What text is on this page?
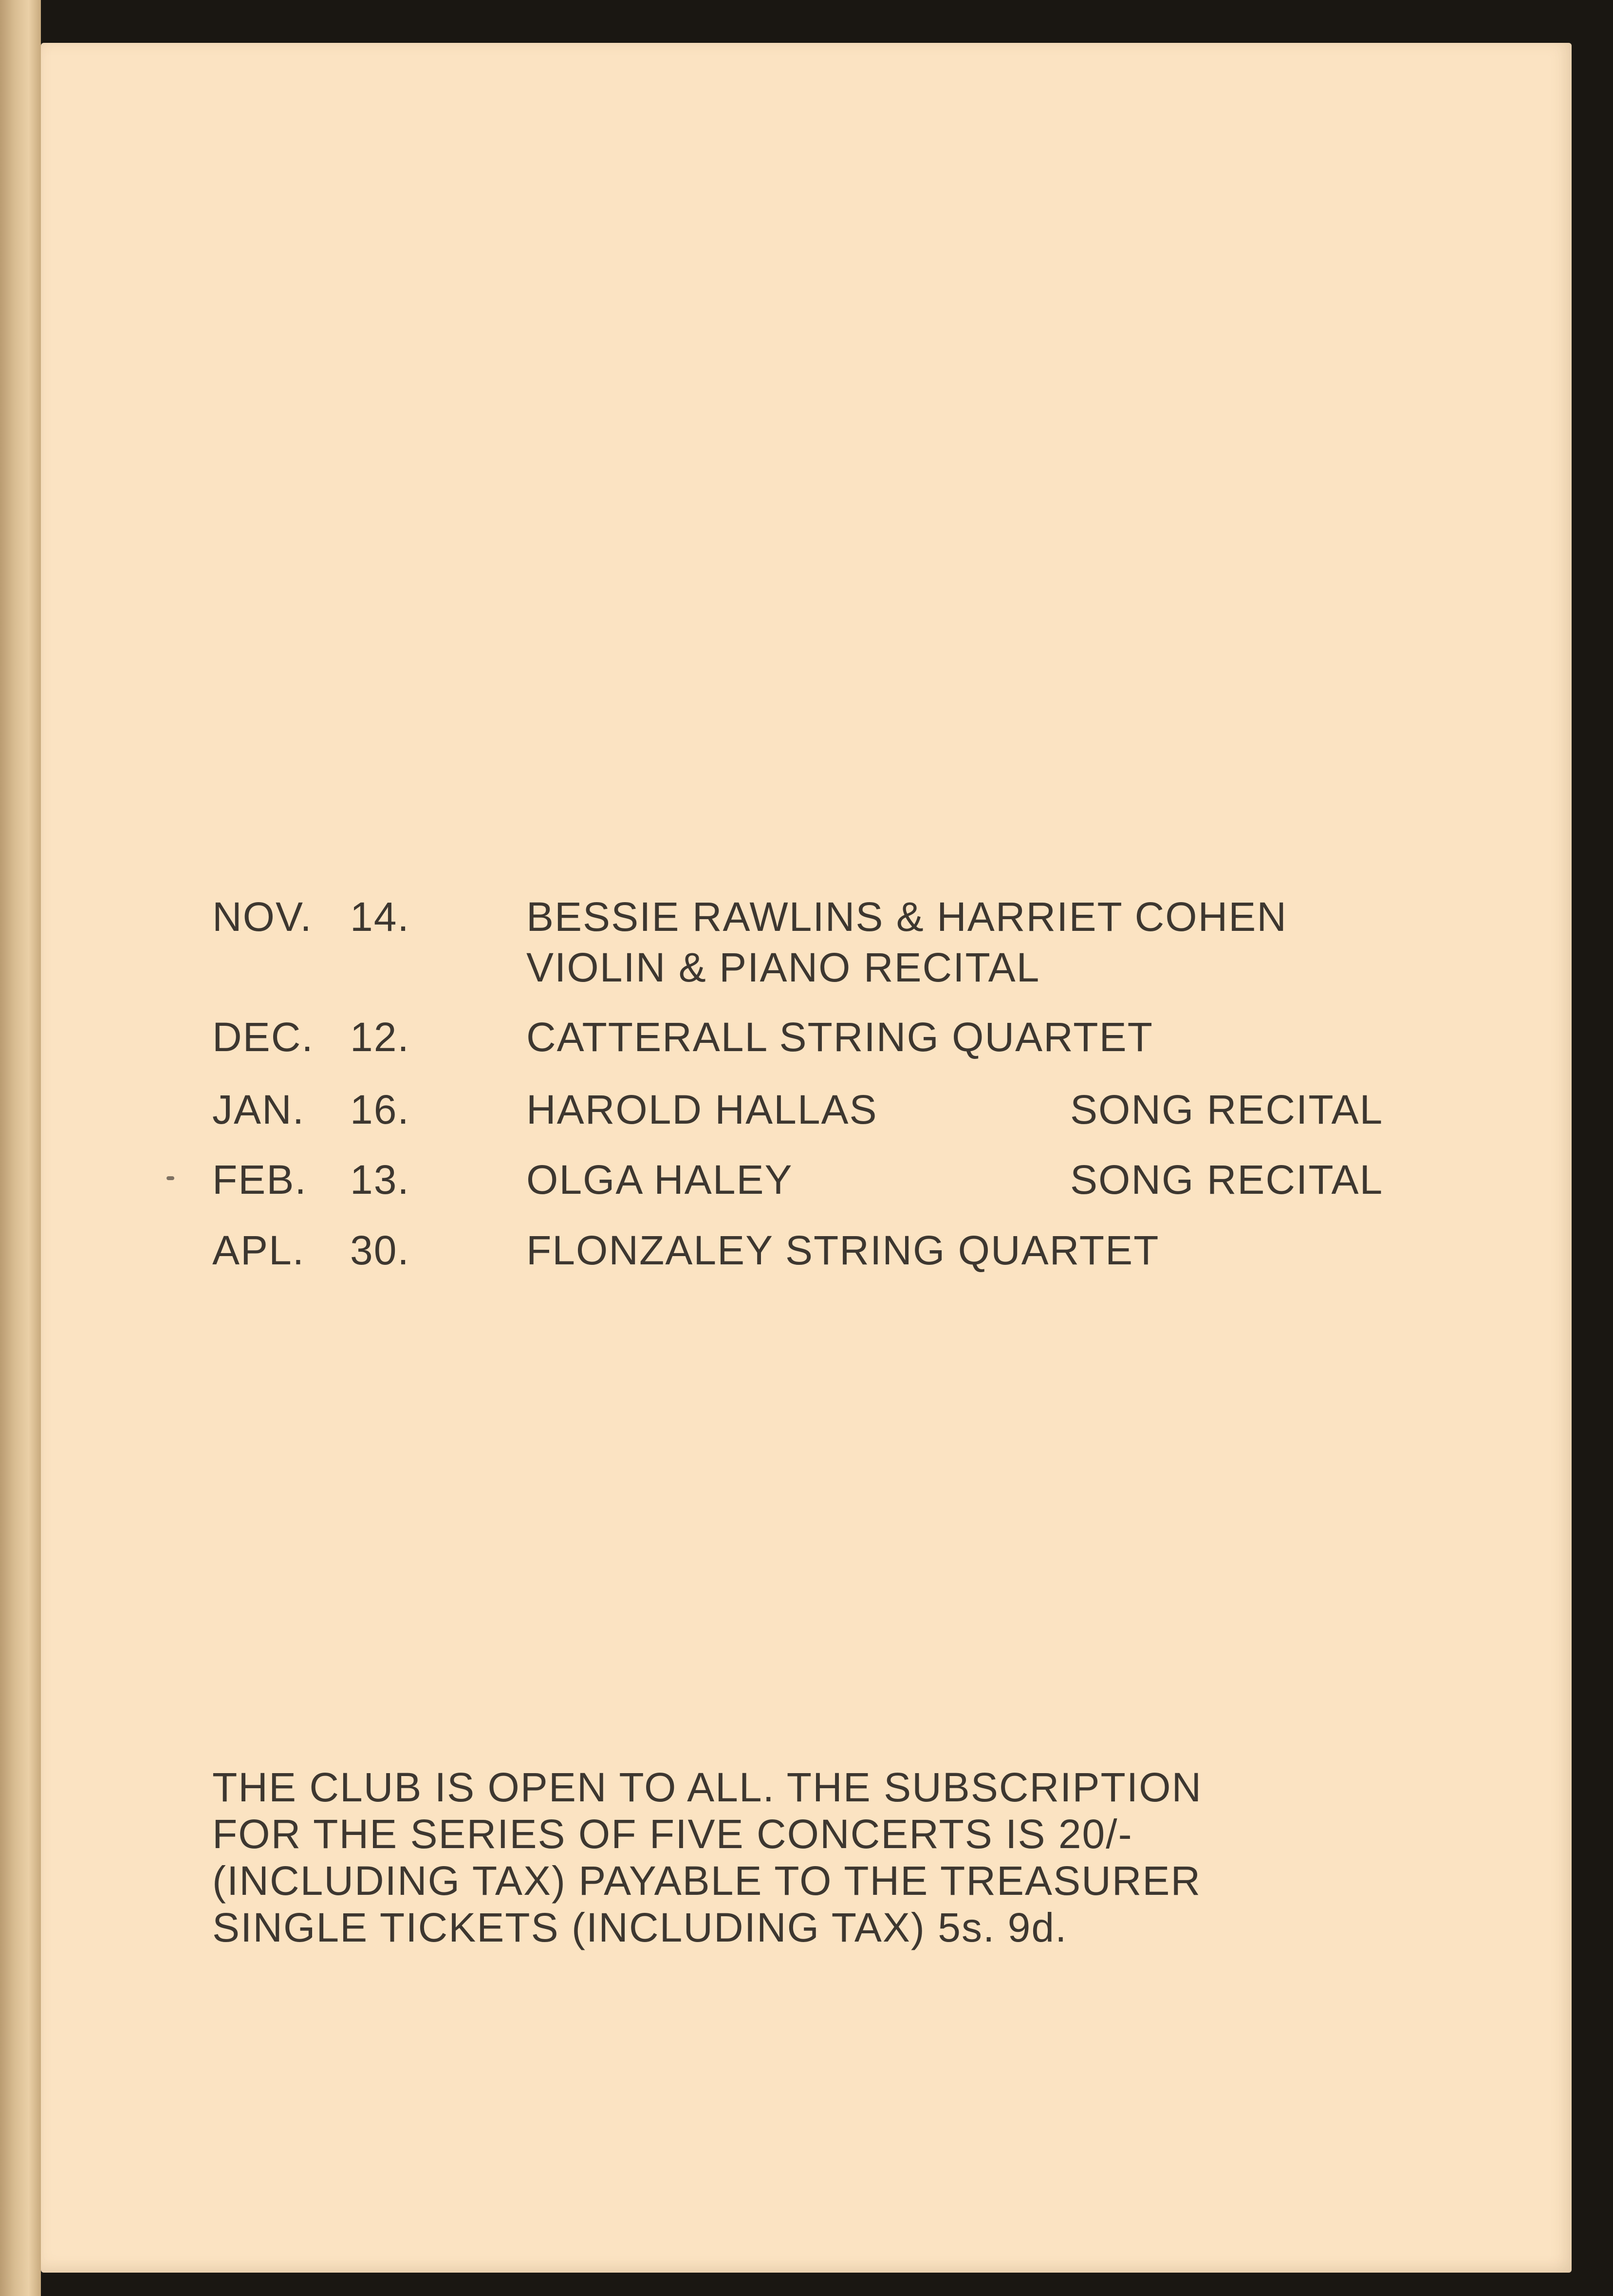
NOV. 14.	BESSIE RAWLINS & HARRIET COHEN
VIOLIN & PIANO RECITAL
DEC. 12.	CATTERALL STRING QUARTET
JAN. 16.	HAROLD HALLAS	SONG RECITAL
FEB. 13.	OLGA HALEY	SONG RECITAL
APL. 30.	FLONZALEY STRING QUARTET
THE CLUB IS OPEN TO ALL. THE SUBSCRIPTION
FOR THE SERIES OF FIVE CONCERTS IS 20/-
(INCLUDING TAX) PAYABLE TO THE TREASURER
SINGLE TICKETS (INCLUDING TAX) 5s. 9d.
